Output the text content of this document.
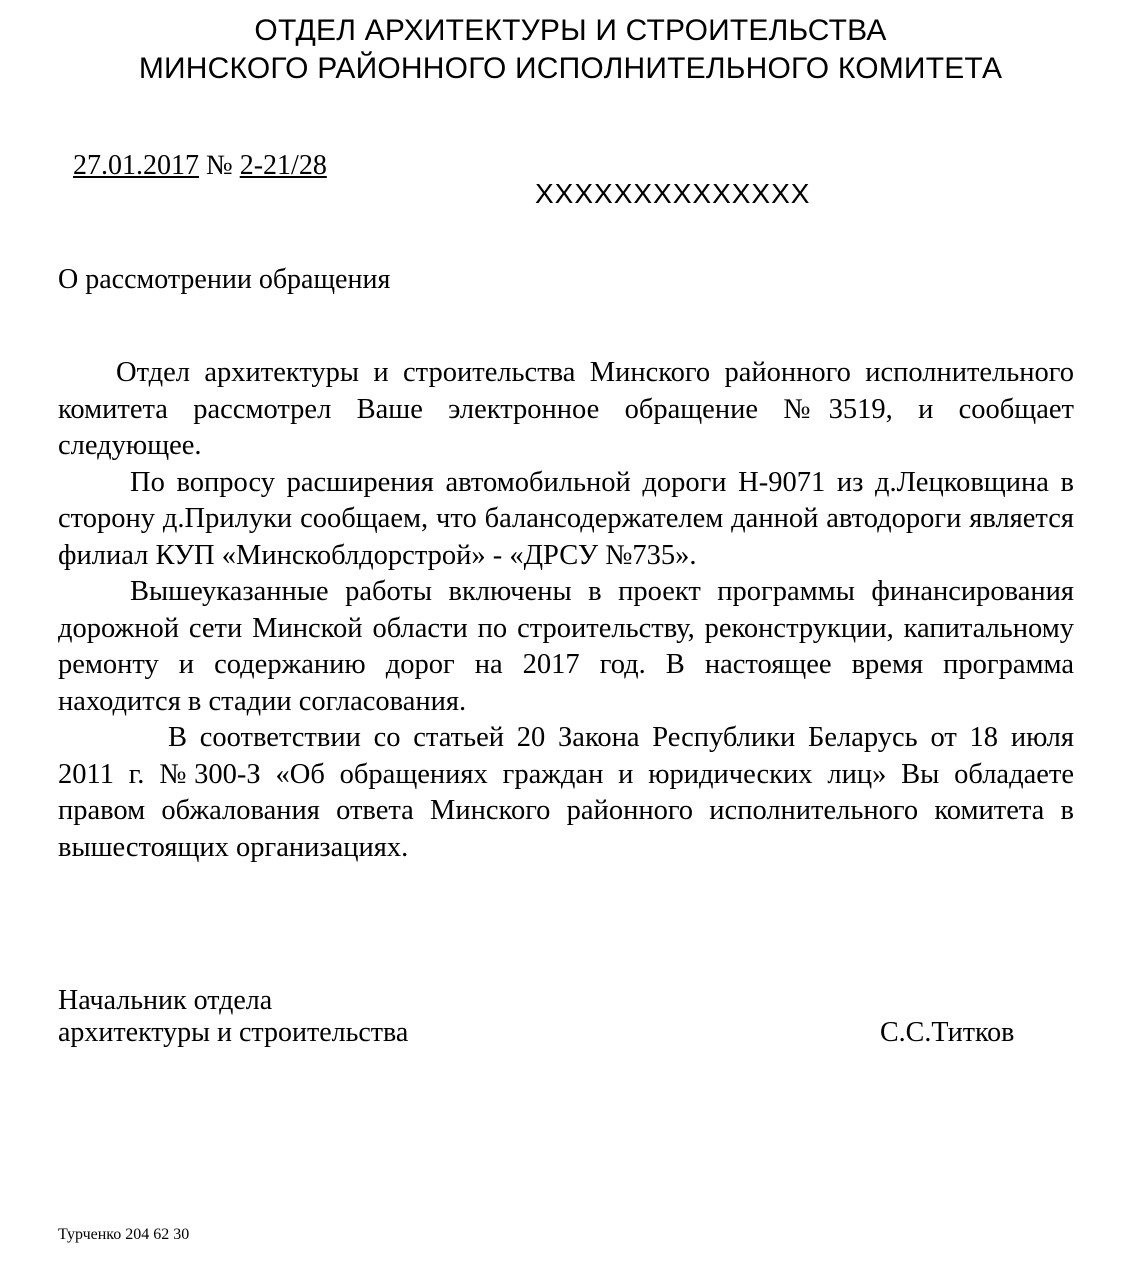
ОТДЕЛ АРХИТЕКТУРЫ И СТРОИТЕЛЬСТВА
МИНСКОГО РАЙОННОГО ИСПОЛНИТЕЛЬНОГО КОМИТЕТА
27.01.2017 № 2-21/28
XXXXXXXXXXXXXX
О рассмотрении обращения

Отдел архитектуры и строительства Минского районного исполнительного комитета рассмотрел Ваше электронное обращение №3519, и сообщает следующее.

По вопросу расширения автомобильной дороги Н-9071 из д.Лецковщина в сторону д.Прилуки сообщаем, что балансодержателем данной автодороги является филиал КУП «Минскоблдорстрой» - «ДРСУ №735».

Вышеуказанные работы включены в проект программы финансирования дорожной сети Минской области по строительству, реконструкции, капитальному ремонту и содержанию дорог на 2017 год. В настоящее время программа находится в стадии согласования.

В соответствии со статьей 20 Закона Республики Беларусь от 18 июля 2011 г. №300-З «Об обращениях граждан и юридических лиц» Вы обладаете правом обжалования ответа Минского районного исполнительного комитета в вышестоящих организациях.

Начальник отдела
архитектуры и строительства	С.С.Титков
Турченко 204 62 30
